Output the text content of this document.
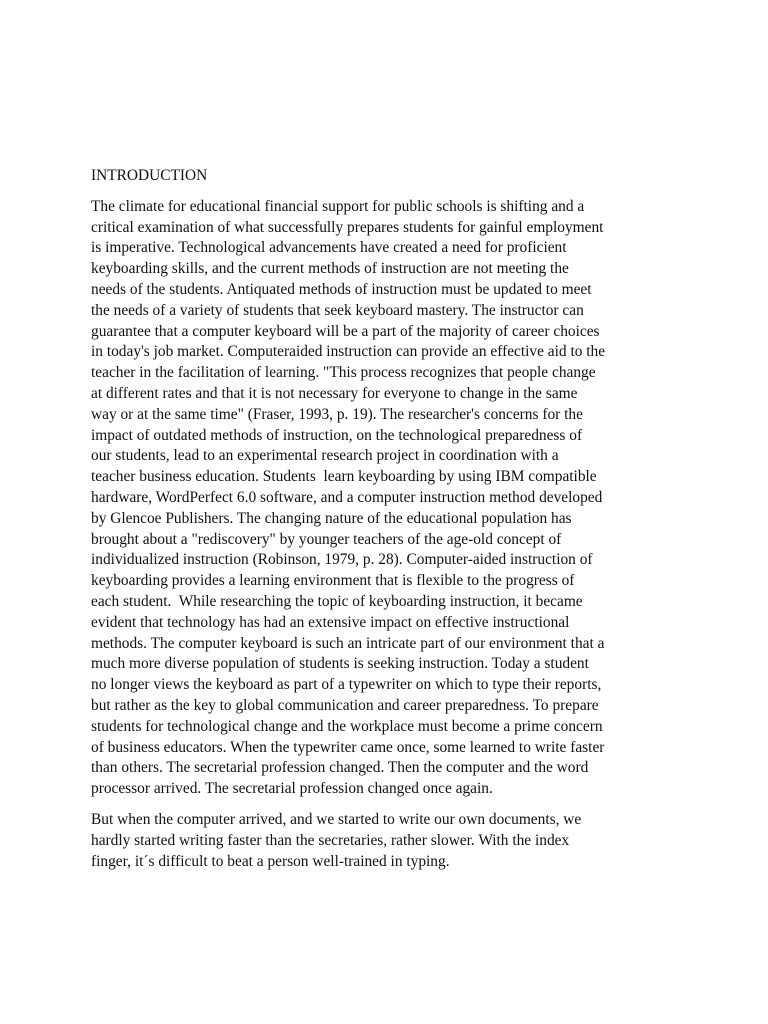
INTRODUCTION
The climate for educational financial support for public schools is shifting and a
critical examination of what successfully prepares students for gainful employment
is imperative. Technological advancements have created a need for proficient
keyboarding skills, and the current methods of instruction are not meeting the
needs of the students. Antiquated methods of instruction must be updated to meet
the needs of a variety of students that seek keyboard mastery. The instructor can
guarantee that a computer keyboard will be a part of the majority of career choices
in today's job market. Computeraided instruction can provide an effective aid to the
teacher in the facilitation of learning. "This process recognizes that people change
at different rates and that it is not necessary for everyone to change in the same
way or at the same time" (Fraser, 1993, p. 19). The researcher's concerns for the
impact of outdated methods of instruction, on the technological preparedness of
our students, lead to an experimental research project in coordination with a
teacher business education. Students  learn keyboarding by using IBM compatible
hardware, WordPerfect 6.0 software, and a computer instruction method developed
by Glencoe Publishers. The changing nature of the educational population has
brought about a "rediscovery" by younger teachers of the age-old concept of
individualized instruction (Robinson, 1979, p. 28). Computer-aided instruction of
keyboarding provides a learning environment that is flexible to the progress of
each student.  While researching the topic of keyboarding instruction, it became
evident that technology has had an extensive impact on effective instructional
methods. The computer keyboard is such an intricate part of our environment that a
much more diverse population of students is seeking instruction. Today a student
no longer views the keyboard as part of a typewriter on which to type their reports,
but rather as the key to global communication and career preparedness. To prepare
students for technological change and the workplace must become a prime concern
of business educators. When the typewriter came once, some learned to write faster
than others. The secretarial profession changed. Then the computer and the word
processor arrived. The secretarial profession changed once again.
But when the computer arrived, and we started to write our own documents, we
hardly started writing faster than the secretaries, rather slower. With the index
finger, it´s difficult to beat a person well-trained in typing.
